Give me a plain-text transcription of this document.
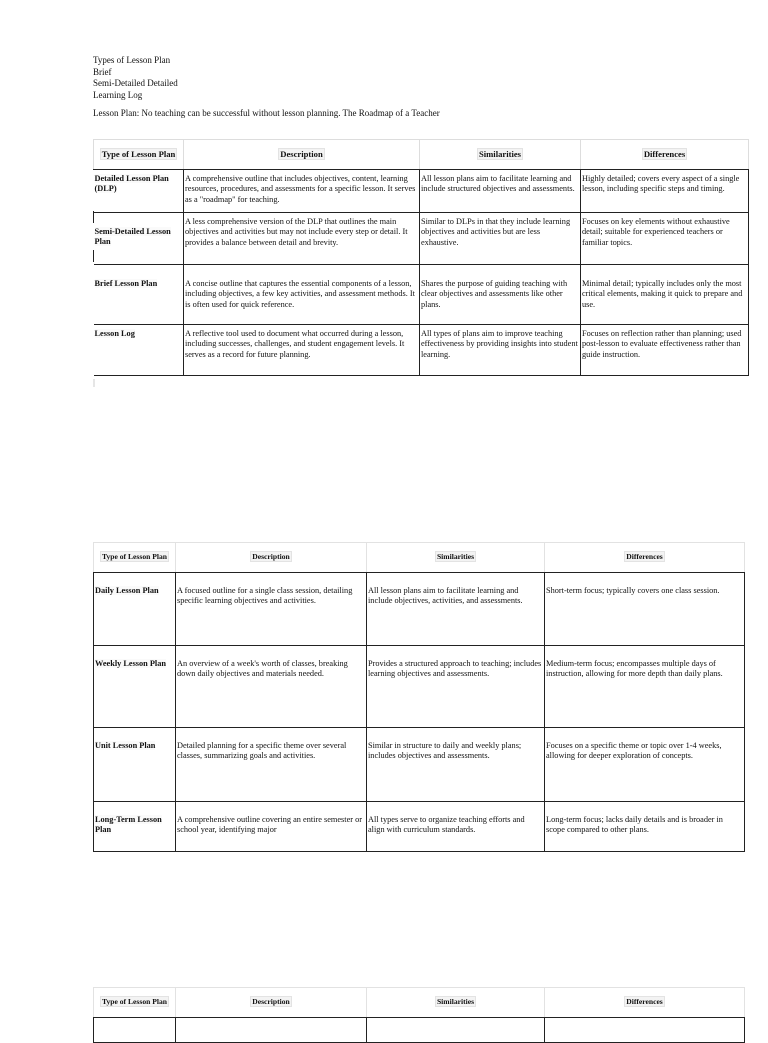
Types of Lesson Plan
Brief
Semi-Detailed Detailed
Learning Log
Lesson Plan: No teaching can be successful without lesson planning. The Roadmap of a Teacher
Type of Lesson Plan	Description	Similarities	Differences
Detailed Lesson Plan (DLP)	A comprehensive outline that includes objectives, content, learning resources, procedures, and assessments for a specific lesson. It serves as a "roadmap" for teaching.	All lesson plans aim to facilitate learning and include structured objectives and assessments.	Highly detailed; covers every aspect of a single lesson, including specific steps and timing.
Semi-Detailed Lesson Plan	A less comprehensive version of the DLP that outlines the main objectives and activities but may not include every step or detail. It provides a balance between detail and brevity.	Similar to DLPs in that they include learning objectives and activities but are less exhaustive.	Focuses on key elements without exhaustive detail; suitable for experienced teachers or familiar topics.
Brief Lesson Plan	A concise outline that captures the essential components of a lesson, including objectives, a few key activities, and assessment methods. It is often used for quick reference.	Shares the purpose of guiding teaching with clear objectives and assessments like other plans.	Minimal detail; typically includes only the most critical elements, making it quick to prepare and use.
Lesson Log	A reflective tool used to document what occurred during a lesson, including successes, challenges, and student engagement levels. It serves as a record for future planning.	All types of plans aim to improve teaching effectiveness by providing insights into student learning.	Focuses on reflection rather than planning; used post-lesson to evaluate effectiveness rather than guide instruction.
Type of Lesson Plan	Description	Similarities	Differences
Daily Lesson Plan	A focused outline for a single class session, detailing specific learning objectives and activities.	All lesson plans aim to facilitate learning and include objectives, activities, and assessments.	Short-term focus; typically covers one class session.
Weekly Lesson Plan	An overview of a week's worth of classes, breaking down daily objectives and materials needed.	Provides a structured approach to teaching; includes learning objectives and assessments.	Medium-term focus; encompasses multiple days of instruction, allowing for more depth than daily plans.
Unit Lesson Plan	Detailed planning for a specific theme over several classes, summarizing goals and activities.	Similar in structure to daily and weekly plans; includes objectives and assessments.	Focuses on a specific theme or topic over 1-4 weeks, allowing for deeper exploration of concepts.
Long-Term Lesson Plan	A comprehensive outline covering an entire semester or school year, identifying major	All types serve to organize teaching efforts and align with curriculum standards.	Long-term focus; lacks daily details and is broader in scope compared to other plans.
Type of Lesson Plan	Description	Similarities	Differences
